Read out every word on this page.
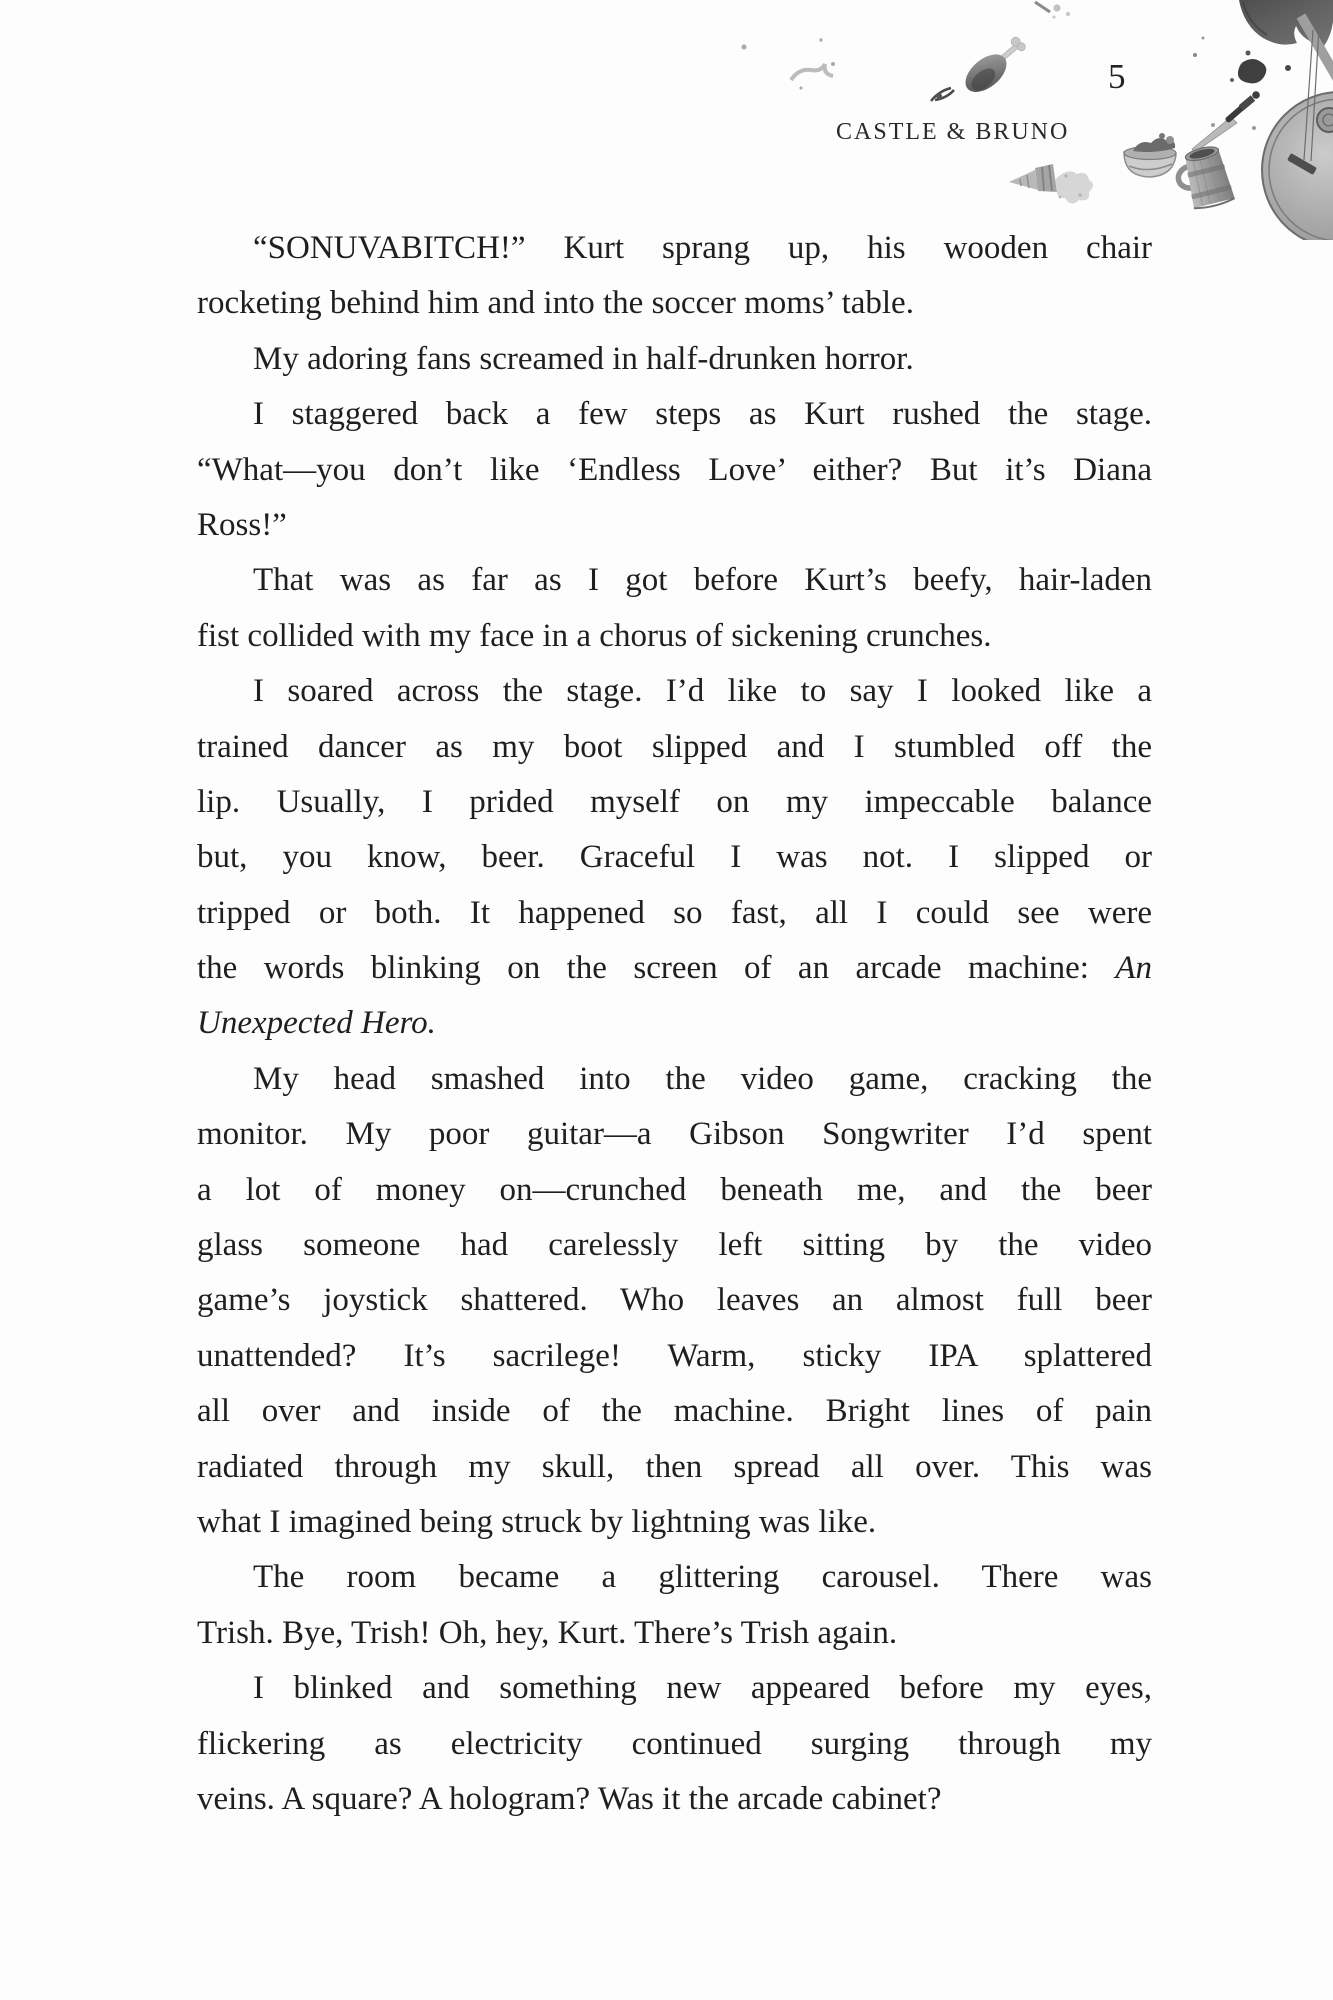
5
CASTLE & BRUNO
“SONUVABITCH!” Kurt sprang up, his wooden chair
rocketing behind him and into the soccer moms’ table.
My adoring fans screamed in half-drunken horror.
I staggered back a few steps as Kurt rushed the stage.
“What—you don’t like ‘Endless Love’ either? But it’s Diana
Ross!”
That was as far as I got before Kurt’s beefy, hair-laden
fist collided with my face in a chorus of sickening crunches.
I soared across the stage. I’d like to say I looked like a
trained dancer as my boot slipped and I stumbled off the
lip. Usually, I prided myself on my impeccable balance
but, you know, beer. Graceful I was not. I slipped or
tripped or both. It happened so fast, all I could see were
the words blinking on the screen of an arcade machine: An
Unexpected Hero.
My head smashed into the video game, cracking the
monitor. My poor guitar—a Gibson Songwriter I’d spent
a lot of money on—crunched beneath me, and the beer
glass someone had carelessly left sitting by the video
game’s joystick shattered. Who leaves an almost full beer
unattended? It’s sacrilege! Warm, sticky IPA splattered
all over and inside of the machine. Bright lines of pain
radiated through my skull, then spread all over. This was
what I imagined being struck by lightning was like.
The room became a glittering carousel. There was
Trish. Bye, Trish! Oh, hey, Kurt. There’s Trish again.
I blinked and something new appeared before my eyes,
flickering as electricity continued surging through my
veins. A square? A hologram? Was it the arcade cabinet?
